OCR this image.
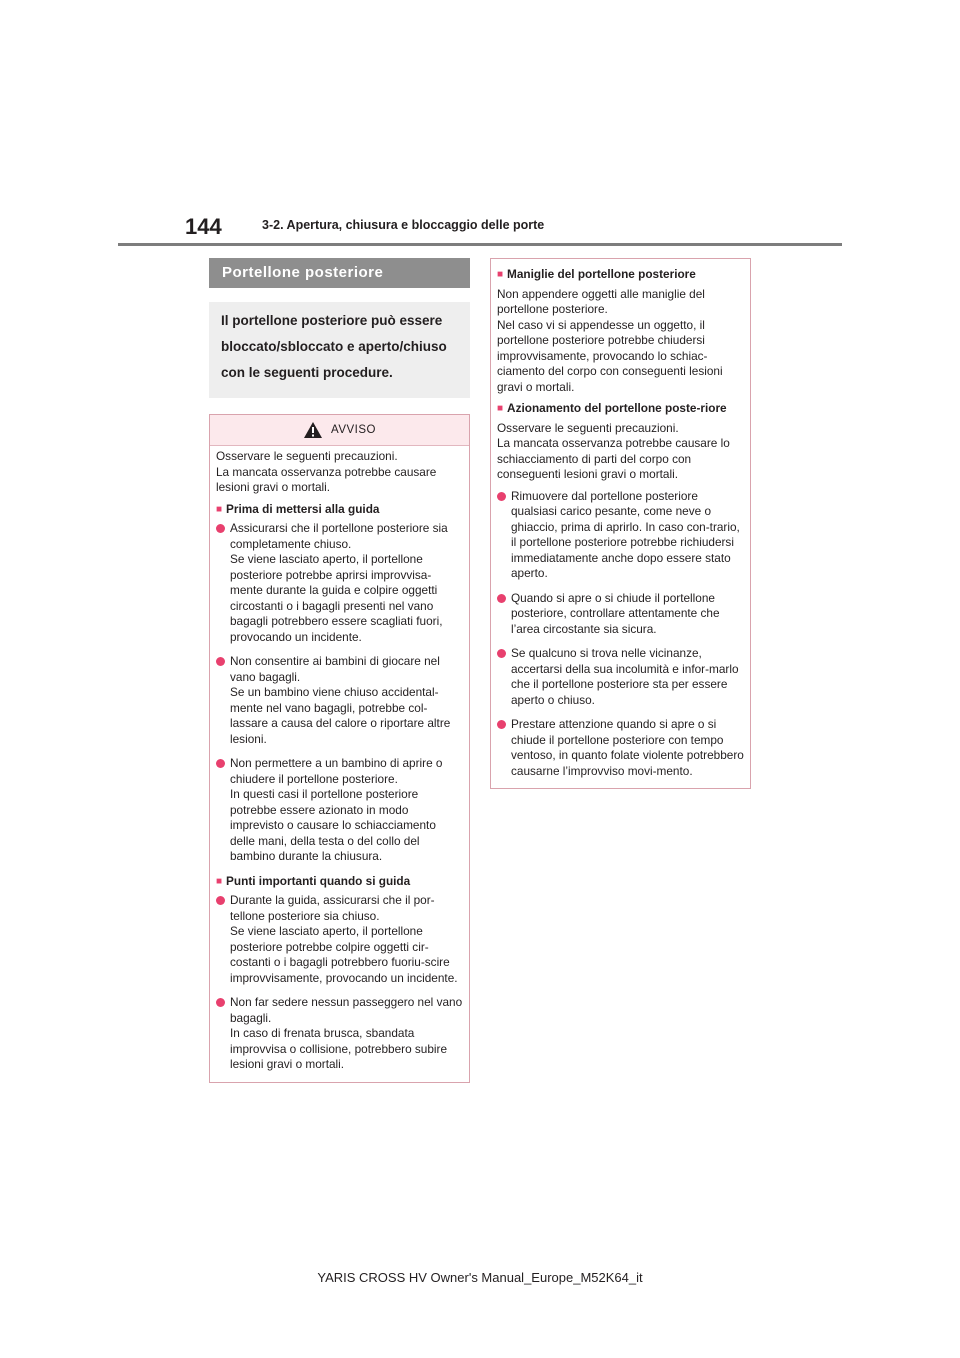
144	3-2. Apertura, chiusura e bloccaggio delle porte
Portellone posteriore
Il portellone posteriore può essere bloccato/sbloccato e aperto/chiuso con le seguenti procedure.
AVVISO

Osservare le seguenti precauzioni.
La mancata osservanza potrebbe causare lesioni gravi o mortali.

■ Prima di mettersi alla guida
Assicurarsi che il portellone posteriore sia completamente chiuso.
Se viene lasciato aperto, il portellone posteriore potrebbe aprirsi improvvisa-mente durante la guida e colpire oggetti circostanti o i bagagli presenti nel vano bagagli potrebbero essere scagliati fuori, provocando un incidente.
Non consentire ai bambini di giocare nel vano bagagli.
Se un bambino viene chiuso accidental-mente nel vano bagagli, potrebbe col-lassare a causa del calore o riportare altre lesioni.
Non permettere a un bambino di aprire o chiudere il portellone posteriore.
In questi casi il portellone posteriore potrebbe essere azionato in modo imprevisto o causare lo schiacciamento delle mani, della testa o del collo del bambino durante la chiusura.
■ Punti importanti quando si guida
Durante la guida, assicurarsi che il por-tellone posteriore sia chiuso.
Se viene lasciato aperto, il portellone posteriore potrebbe colpire oggetti cir-costanti o i bagagli potrebbero fuoriu-scire improvvisamente, provocando un incidente.
Non far sedere nessun passeggero nel vano bagagli.
In caso di frenata brusca, sbandata improvvisa o collisione, potrebbero subire lesioni gravi o mortali.
■ Maniglie del portellone posteriore

Non appendere oggetti alle maniglie del portellone posteriore.
Nel caso vi si appendesse un oggetto, il portellone posteriore potrebbe chiudersi improvvisamente, provocando lo schiac-ciamento del corpo con conseguenti lesioni gravi o mortali.

■ Azionamento del portellone poste-riore

Osservare le seguenti precauzioni.
La mancata osservanza potrebbe causare lo schiacciamento di parti del corpo con conseguenti lesioni gravi o mortali.

Rimuovere dal portellone posteriore qualsiasi carico pesante, come neve o ghiaccio, prima di aprirlo. In caso con-trario, il portellone posteriore potrebbe richiudersi immediatamente anche dopo essere stato aperto.
Quando si apre o si chiude il portellone posteriore, controllare attentamente che l’area circostante sia sicura.
Se qualcuno si trova nelle vicinanze, accertarsi della sua incolumità e infor-marlo che il portellone posteriore sta per essere aperto o chiuso.
Prestare attenzione quando si apre o si chiude il portellone posteriore con tempo ventoso, in quanto folate violente potrebbero causarne l’improvviso movi-mento.
YARIS CROSS HV Owner's Manual_Europe_M52K64_it
